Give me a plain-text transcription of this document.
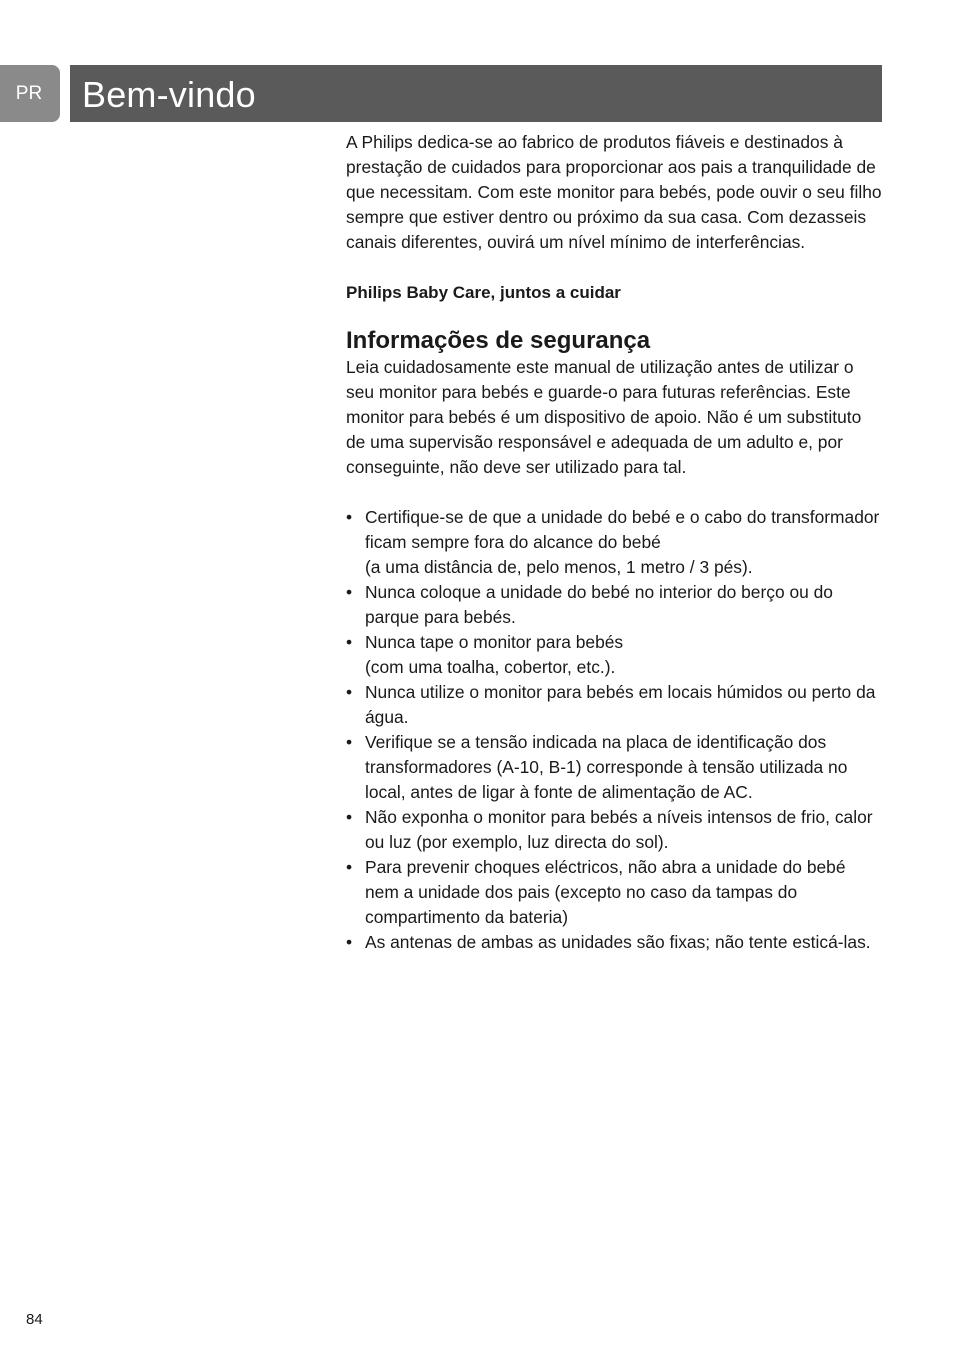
PR	Bem-vindo

A Philips dedica-se ao fabrico de produtos fiáveis e destinados à prestação de cuidados para proporcionar aos pais a tranquilidade de que necessitam. Com este monitor para bebés, pode ouvir o seu filho sempre que estiver dentro ou próximo da sua casa. Com dezasseis canais diferentes, ouvirá um nível mínimo de interferências.

Philips Baby Care, juntos a cuidar

Informações de segurança

Leia cuidadosamente este manual de utilização antes de utilizar o seu monitor para bebés e guarde-o para futuras referências. Este monitor para bebés é um dispositivo de apoio. Não é um substituto de uma supervisão responsável e adequada de um adulto e, por conseguinte, não deve ser utilizado para tal.

• Certifique-se de que a unidade do bebé e o cabo do transformador ficam sempre fora do alcance do bebé
(a uma distância de, pelo menos, 1 metro / 3 pés).
• Nunca coloque a unidade do bebé no interior do berço ou do parque para bebés.
• Nunca tape o monitor para bebés
(com uma toalha, cobertor, etc.).
• Nunca utilize o monitor para bebés em locais húmidos ou perto da água.
• Verifique se a tensão indicada na placa de identificação dos transformadores (A-10, B-1) corresponde à tensão utilizada no local, antes de ligar à fonte de alimentação de AC.
• Não exponha o monitor para bebés a níveis intensos de frio, calor ou luz (por exemplo, luz directa do sol).
• Para prevenir choques eléctricos, não abra a unidade do bebé nem a unidade dos pais (excepto no caso da tampas do compartimento da bateria)
• As antenas de ambas as unidades são fixas; não tente esticá-las.
84
